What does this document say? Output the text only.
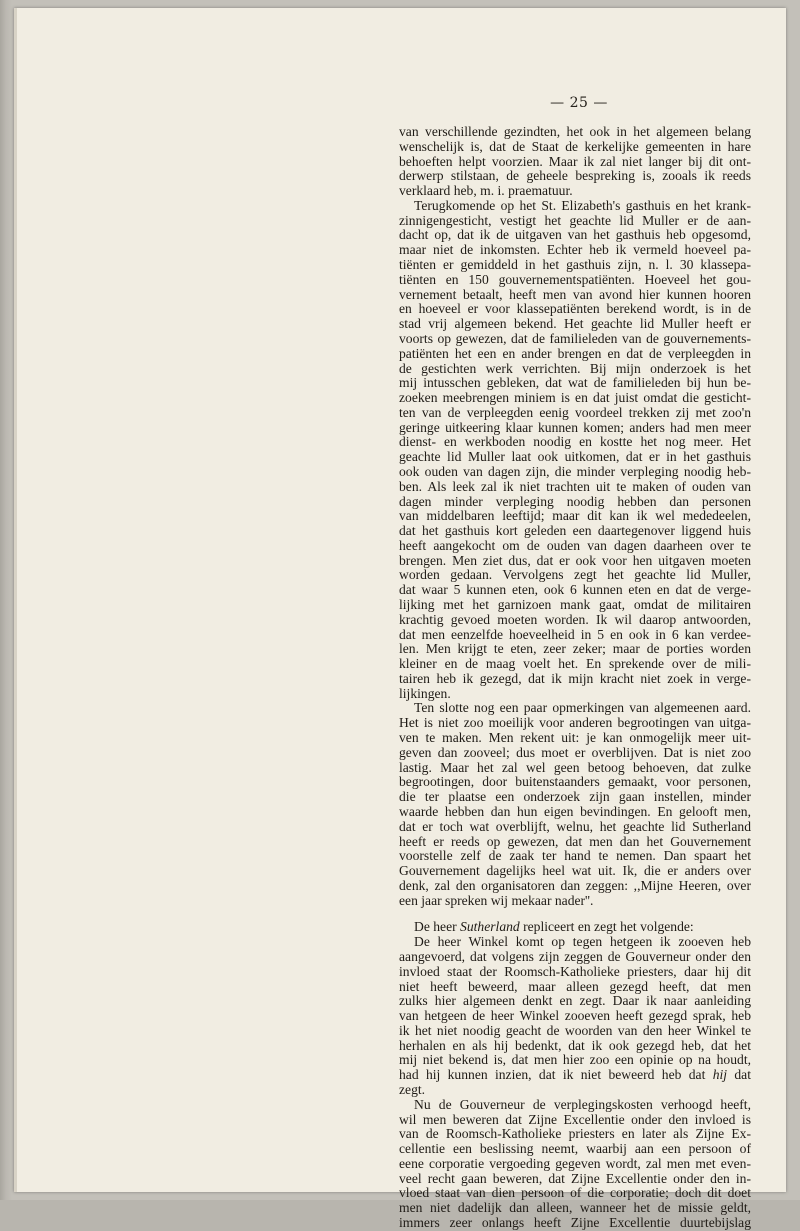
— 25 —

van verschillende gezindten, het ook in het algemeen belang
wenschelijk is, dat de Staat de kerkelijke gemeenten in hare
behoeften helpt voorzien. Maar ik zal niet langer bij dit ont-
derwerp stilstaan, de geheele bespreking is, zooals ik reeds

verklaard heb, m. i. praematuur.

Terugkomende op het St. Elizabeth's gasthuis en het krank-
zinnigengesticht, vestigt het geachte lid Muller er de aan-
dacht op, dat ik de uitgaven van het gasthuis heb opgesomd,
maar niet de inkomsten. Echter heb ik vermeld hoeveel pa-
tiënten er gemiddeld in het gasthuis zijn, n. l. 30 klassepa-
tiënten en 150 gouvernementspatiënten. Hoeveel het gou-
vernement betaalt, heeft men van avond hier kunnen hooren
en hoeveel er voor klassepatiënten berekend wordt, is in de
stad vrij algemeen bekend. Het geachte lid Muller heeft er
voorts op gewezen, dat de familieleden van de gouvernements-
patiënten het een en ander brengen en dat de verpleegden in
de gestichten werk verrichten. Bij mijn onderzoek is het
mij intusschen gebleken, dat wat de familieleden bij hun be-
zoeken meebrengen miniem is en dat juist omdat die gesticht-
ten van de verpleegden eenig voordeel trekken zij met zoo'n
geringe uitkeering klaar kunnen komen; anders had men meer
dienst- en werkboden noodig en kostte het nog meer. Het
geachte lid Muller laat ook uitkomen, dat er in het gasthuis
ook ouden van dagen zijn, die minder verpleging noodig heb-
ben. Als leek zal ik niet trachten uit te maken of ouden van
dagen minder verpleging noodig hebben dan personen
van middelbaren leeftijd; maar dit kan ik wel mededeelen,
dat het gasthuis kort geleden een daartegenover liggend huis
heeft aangekocht om de ouden van dagen daarheen over te
brengen. Men ziet dus, dat er ook voor hen uitgaven moeten
worden gedaan. Vervolgens zegt het geachte lid Muller,
dat waar 5 kunnen eten, ook 6 kunnen eten en dat de verge-
lijking met het garnizoen mank gaat, omdat de militairen
krachtig gevoed moeten worden. Ik wil daarop antwoorden,
dat men eenzelfde hoeveelheid in 5 en ook in 6 kan verdee-
len. Men krijgt te eten, zeer zeker; maar de porties worden
kleiner en de maag voelt het. En sprekende over de mili-
tairen heb ik gezegd, dat ik mijn kracht niet zoek in verge-

lijkingen.

Ten slotte nog een paar opmerkingen van algemeenen aard.
Het is niet zoo moeilijk voor anderen begrootingen van uitga-
ven te maken. Men rekent uit: je kan onmogelijk meer uit-
geven dan zooveel; dus moet er overblijven. Dat is niet zoo
lastig. Maar het zal wel geen betoog behoeven, dat zulke
begrootingen, door buitenstaanders gemaakt, voor personen,
die ter plaatse een onderzoek zijn gaan instellen, minder
waarde hebben dan hun eigen bevindingen. En gelooft men,
dat er toch wat overblijft, welnu, het geachte lid Sutherland
heeft er reeds op gewezen, dat men dan het Gouvernement
voorstelle zelf de zaak ter hand te nemen. Dan spaart het
Gouvernement dagelijks heel wat uit. Ik, die er anders over
denk, zal den organisatoren dan zeggen: ,,Mijne Heeren, over

een jaar spreken wij mekaar nader''.

De heer Sutherland repliceert en zegt het volgende:

De heer Winkel komt op tegen hetgeen ik zooeven heb
aangevoerd, dat volgens zijn zeggen de Gouverneur onder den
invloed staat der Roomsch-Katholieke priesters, daar hij dit
niet heeft beweerd, maar alleen gezegd heeft, dat men
zulks hier algemeen denkt en zegt. Daar ik naar aanleiding
van hetgeen de heer Winkel zooeven heeft gezegd sprak, heb
ik het niet noodig geacht de woorden van den heer Winkel te
herhalen en als hij bedenkt, dat ik ook gezegd heb, dat het
mij niet bekend is, dat men hier zoo een opinie op na houdt,
had hij kunnen inzien, dat ik niet beweerd heb dat hij dat

zegt.

Nu de Gouverneur de verplegingskosten verhoogd heeft,
wil men beweren dat Zijne Excellentie onder den invloed is
van de Roomsch-Katholieke priesters en later als Zijne Ex-
cellentie een beslissing neemt, waarbij aan een persoon of
eene corporatie vergoeding gegeven wordt, zal men met even-
veel recht gaan beweren, dat Zijne Excellentie onder den in-
vloed staat van dien persoon of die corporatie; doch dit doet
men niet dadelijk dan alleen, wanneer het de missie geldt,
immers zeer onlangs heeft Zijne Excellentie duurtebijslag
